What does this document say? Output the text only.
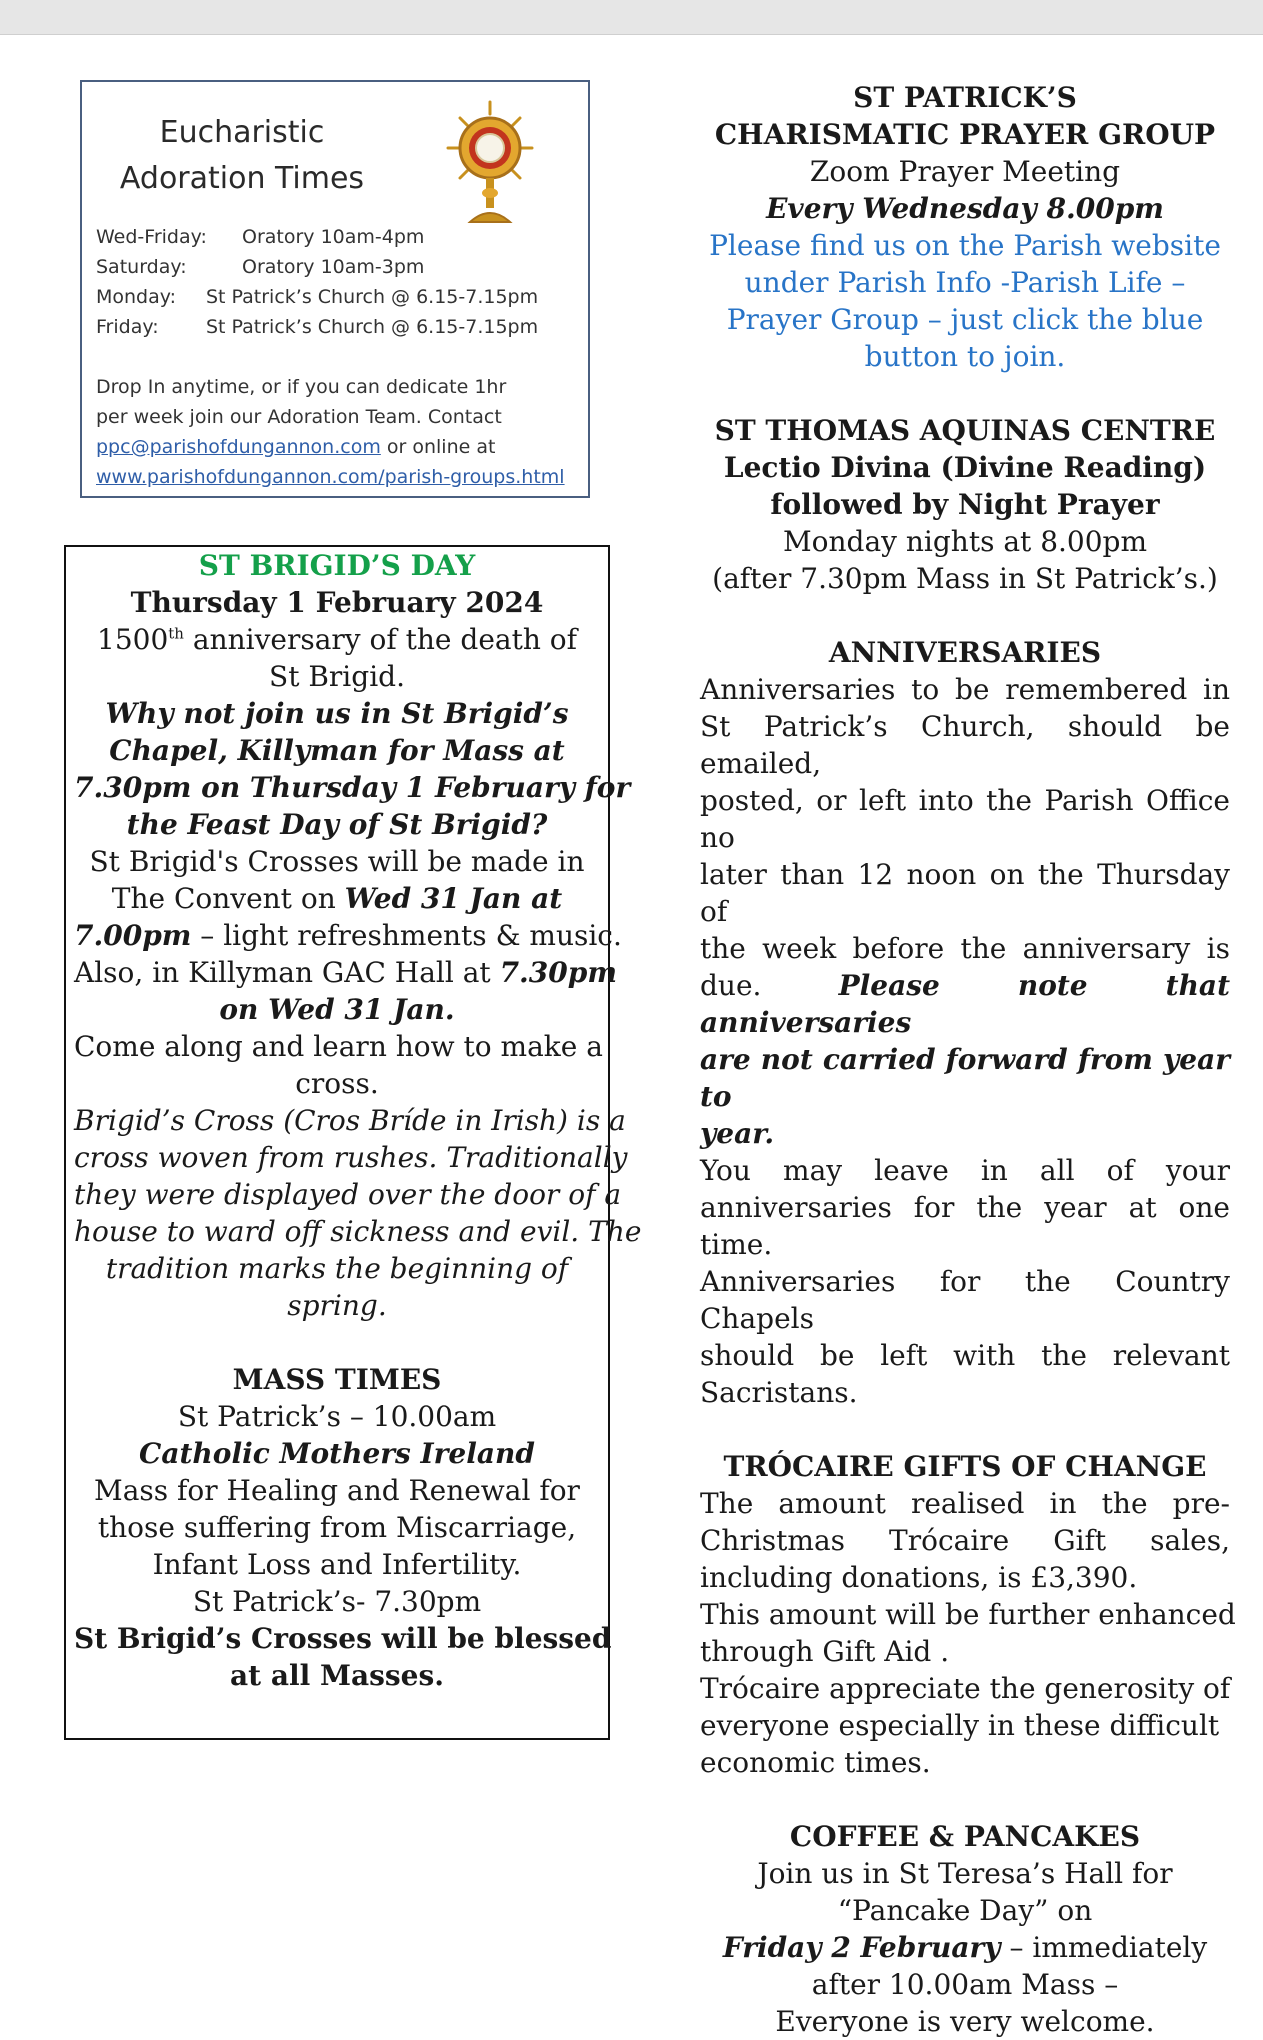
Eucharistic
Adoration Times
Wed-Friday: Oratory 10am-4pm
Saturday:	Oratory 10am-3pm
Monday:	St Patrick’s Church @ 6.15-7.15pm
Friday:	St Patrick’s Church @ 6.15-7.15pm
Drop In anytime, or if you can dedicate 1hr
per week join our Adoration Team. Contact
ppc@parishofdungannon.com or online at
www.parishofdungannon.com/parish-groups.html
ST BRIGID’S DAY
Thursday 1 February 2024
1500th anniversary of the death of
St Brigid.
Why not join us in St Brigid’s
Chapel, Killyman for Mass at
7.30pm on Thursday 1 February for
the Feast Day of St Brigid?
St Brigid's Crosses will be made in
The Convent on Wed 31 Jan at
7.00pm – light refreshments & music.
Also, in Killyman GAC Hall at 7.30pm
on Wed 31 Jan.
Come along and learn how to make a
cross.
Brigid’s Cross (Cros Bríde in Irish) is a
cross woven from rushes. Traditionally
they were displayed over the door of a
house to ward off sickness and evil. The
tradition marks the beginning of
spring.
MASS TIMES
St Patrick’s – 10.00am
Catholic Mothers Ireland
Mass for Healing and Renewal for
those suffering from Miscarriage,
Infant Loss and Infertility.
St Patrick’s- 7.30pm
St Brigid’s Crosses will be blessed
at all Masses.
ST PATRICK’S
CHARISMATIC PRAYER GROUP
Zoom Prayer Meeting
Every Wednesday 8.00pm
Please find us on the Parish website
under Parish Info -Parish Life –
Prayer Group – just click the blue
button to join.
ST THOMAS AQUINAS CENTRE
Lectio Divina (Divine Reading)
followed by Night Prayer
Monday nights at 8.00pm
(after 7.30pm Mass in St Patrick’s.)
ANNIVERSARIES
Anniversaries to be remembered in
St Patrick’s Church, should be emailed,
posted, or left into the Parish Office no
later than 12 noon on the Thursday of
the week before the anniversary is
due. Please note that anniversaries
are not carried forward from year to
year.
You may leave in all of your
anniversaries for the year at one time.
Anniversaries for the Country Chapels
should be left with the relevant
Sacristans.
TRÓCAIRE GIFTS OF CHANGE
The amount realised in the pre-
Christmas Trócaire Gift sales,
including donations, is £3,390.
This amount will be further enhanced
through Gift Aid .
Trócaire appreciate the generosity of
everyone especially in these difficult
economic times.
COFFEE & PANCAKES
Join us in St Teresa’s Hall for
“Pancake Day” on
Friday 2 February – immediately
after 10.00am Mass –
Everyone is very welcome.
